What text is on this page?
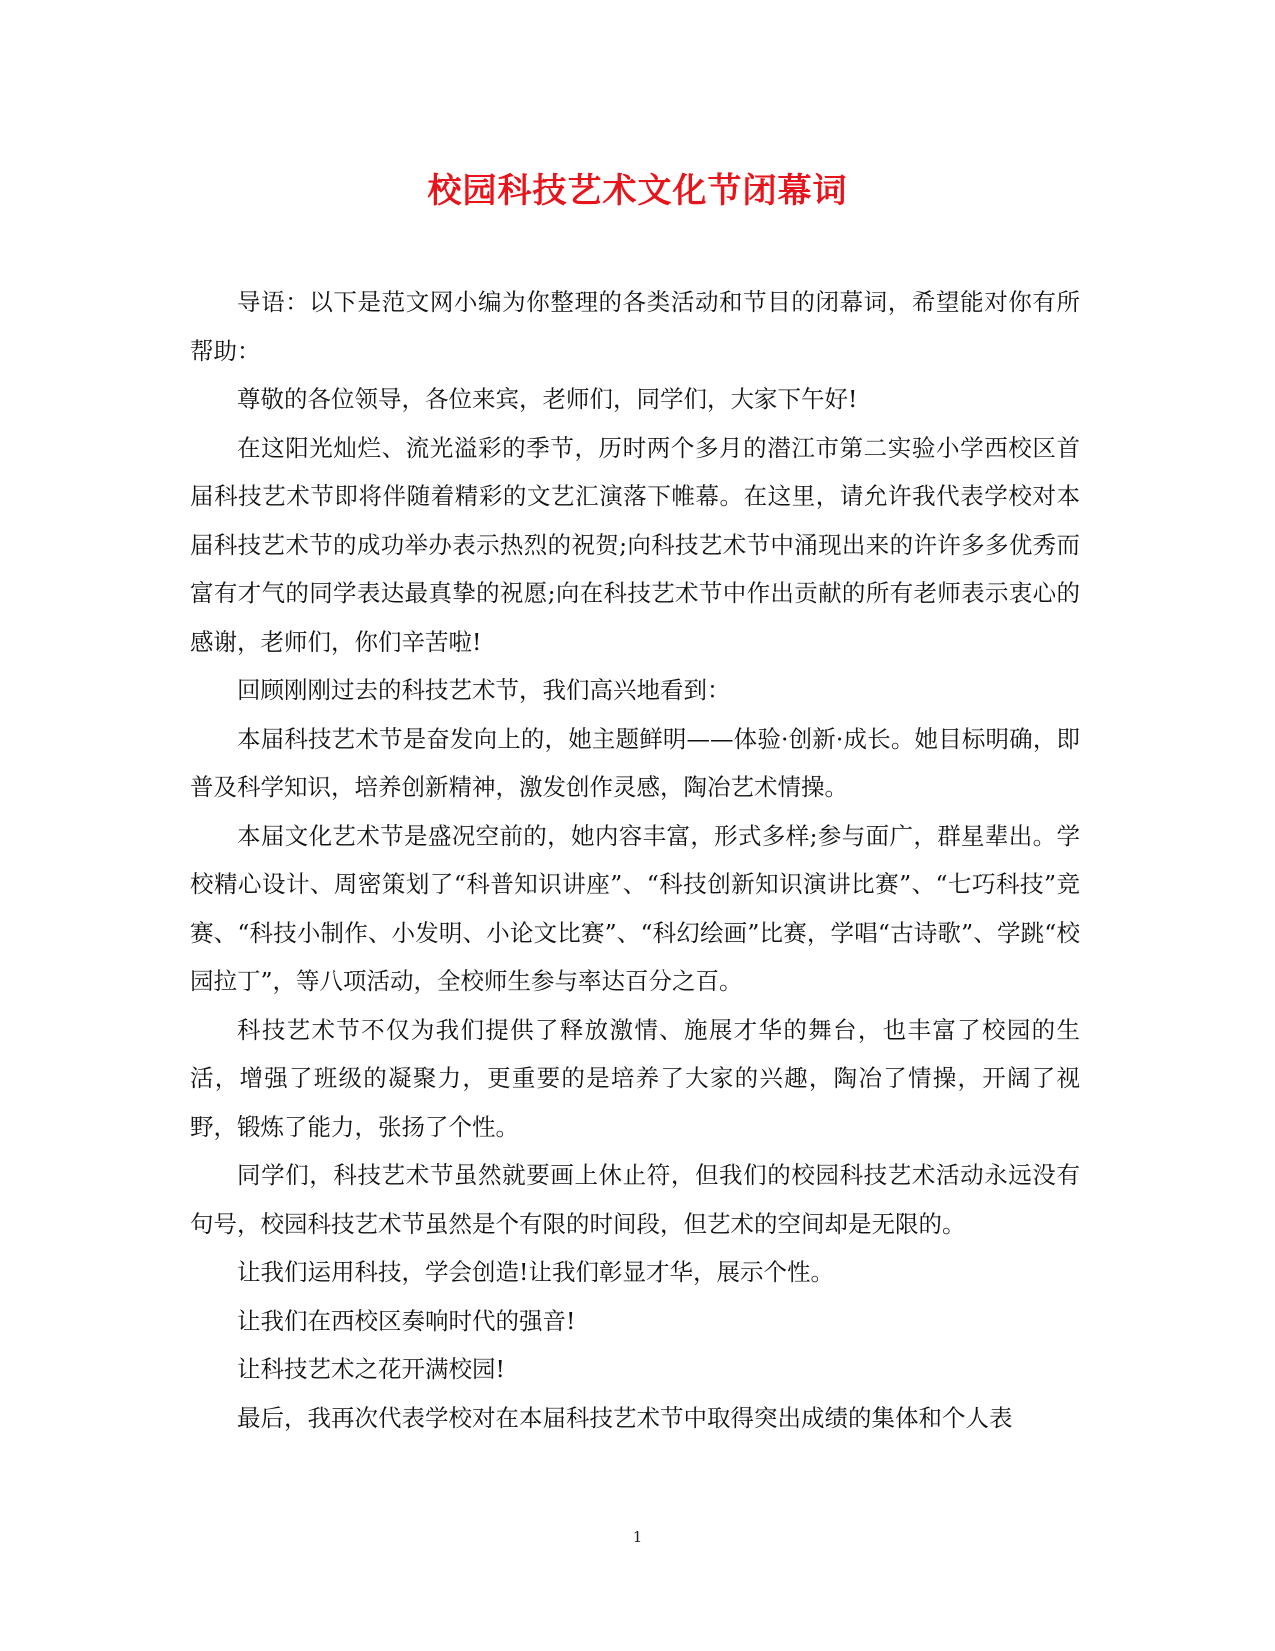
校园科技艺术文化节闭幕词

导语：以下是范文网小编为你整理的各类活动和节目的闭幕词，希望能对你有所帮助：

尊敬的各位领导，各位来宾，老师们，同学们，大家下午好!

在这阳光灿烂、流光溢彩的季节，历时两个多月的潜江市第二实验小学西校区首届科技艺术节即将伴随着精彩的文艺汇演落下帷幕。在这里，请允许我代表学校对本届科技艺术节的成功举办表示热烈的祝贺;向科技艺术节中涌现出来的许许多多优秀而富有才气的同学表达最真挚的祝愿;向在科技艺术节中作出贡献的所有老师表示衷心的感谢，老师们，你们辛苦啦!

回顾刚刚过去的科技艺术节，我们高兴地看到：

本届科技艺术节是奋发向上的，她主题鲜明——体验·创新·成长。她目标明确，即普及科学知识，培养创新精神，激发创作灵感，陶冶艺术情操。

本届文化艺术节是盛况空前的，她内容丰富，形式多样;参与面广，群星辈出。学校精心设计、周密策划了“科普知识讲座”、“科技创新知识演讲比赛”、“七巧科技”竞赛、“科技小制作、小发明、小论文比赛”、“科幻绘画”比赛，学唱“古诗歌”、学跳“校园拉丁”，等八项活动，全校师生参与率达百分之百。

科技艺术节不仅为我们提供了释放激情、施展才华的舞台，也丰富了校园的生活，增强了班级的凝聚力，更重要的是培养了大家的兴趣，陶冶了情操，开阔了视野，锻炼了能力，张扬了个性。

同学们，科技艺术节虽然就要画上休止符，但我们的校园科技艺术活动永远没有句号，校园科技艺术节虽然是个有限的时间段，但艺术的空间却是无限的。

让我们运用科技，学会创造!让我们彰显才华，展示个性。

让我们在西校区奏响时代的强音!

让科技艺术之花开满校园!

最后，我再次代表学校对在本届科技艺术节中取得突出成绩的集体和个人表

1
